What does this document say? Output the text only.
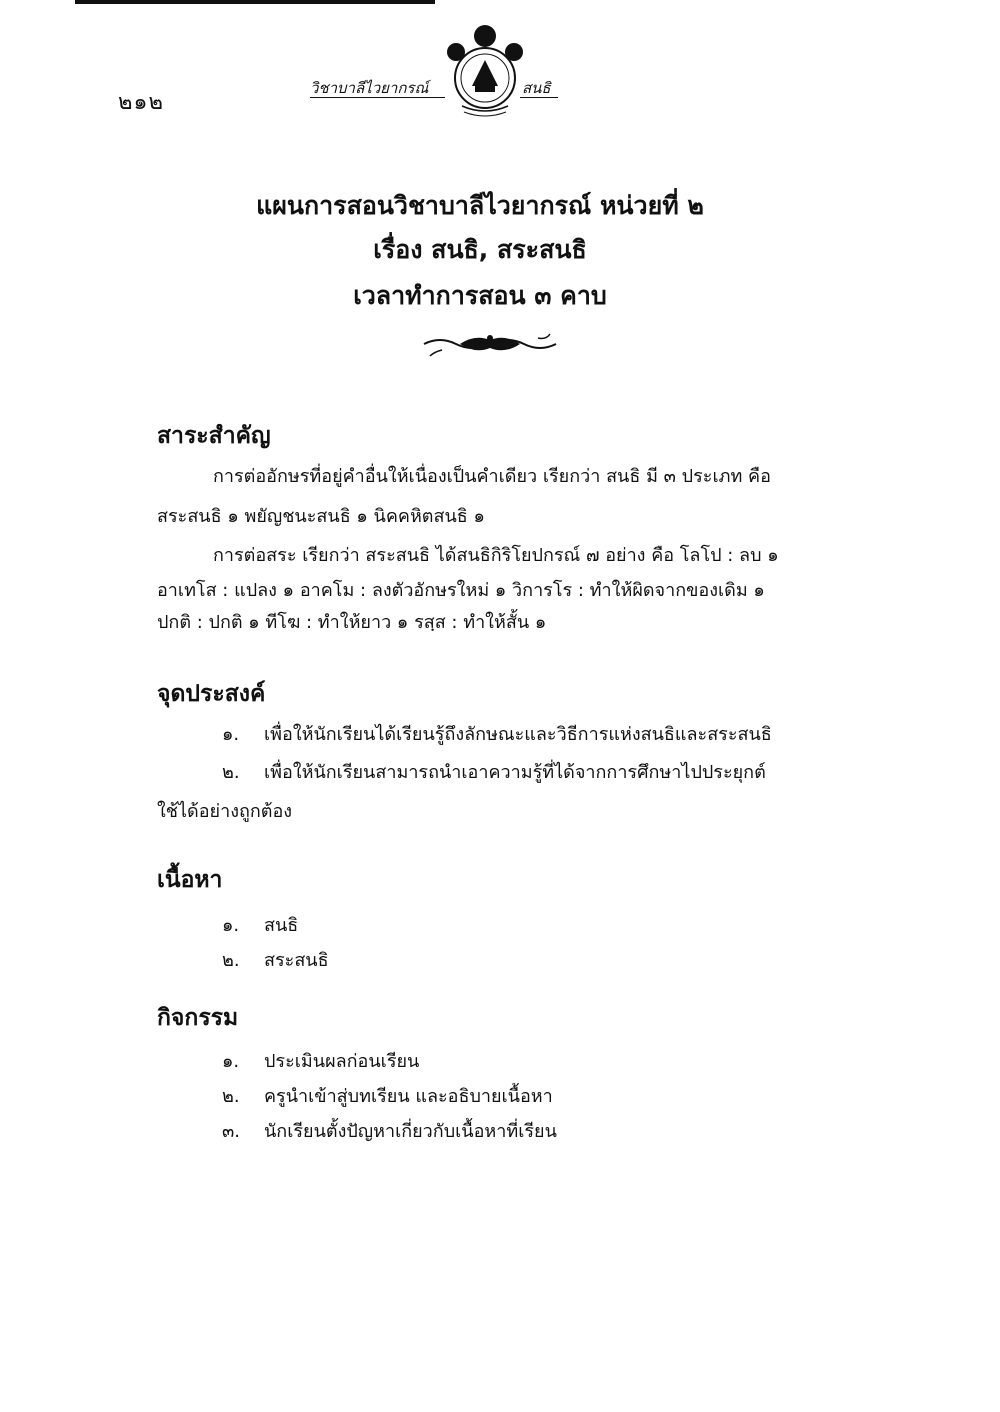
๒๑๒
วิชาบาลีไวยากรณ์	สนธิ
แผนการสอนวิชาบาลีไวยากรณ์ หน่วยที่ ๒
เรื่อง สนธิ, สระสนธิ
เวลาทำการสอน ๓ คาบ
สาระสำคัญ
การต่ออักษรที่อยู่คำอื่นให้เนื่องเป็นคำเดียว เรียกว่า สนธิ มี ๓ ประเภท คือ
สระสนธิ ๑ พยัญชนะสนธิ ๑ นิคคหิตสนธิ ๑
การต่อสระ เรียกว่า สระสนธิ ได้สนธิกิริโยปกรณ์ ๗ อย่าง คือ โลโป : ลบ ๑
อาเทโส : แปลง ๑ อาคโม : ลงตัวอักษรใหม่ ๑ วิการโร : ทำให้ผิดจากของเดิม ๑
ปกติ : ปกติ ๑ ทีโฆ : ทำให้ยาว ๑ รสฺส : ทำให้สั้น ๑
จุดประสงค์
๑. เพื่อให้นักเรียนได้เรียนรู้ถึงลักษณะและวิธีการแห่งสนธิและสระสนธิ
๒. เพื่อให้นักเรียนสามารถนำเอาความรู้ที่ได้จากการศึกษาไปประยุกต์
ใช้ได้อย่างถูกต้อง
เนื้อหา
๑. สนธิ
๒. สระสนธิ
กิจกรรม
๑. ประเมินผลก่อนเรียน
๒. ครูนำเข้าสู่บทเรียน และอธิบายเนื้อหา
๓. นักเรียนตั้งปัญหาเกี่ยวกับเนื้อหาที่เรียน
